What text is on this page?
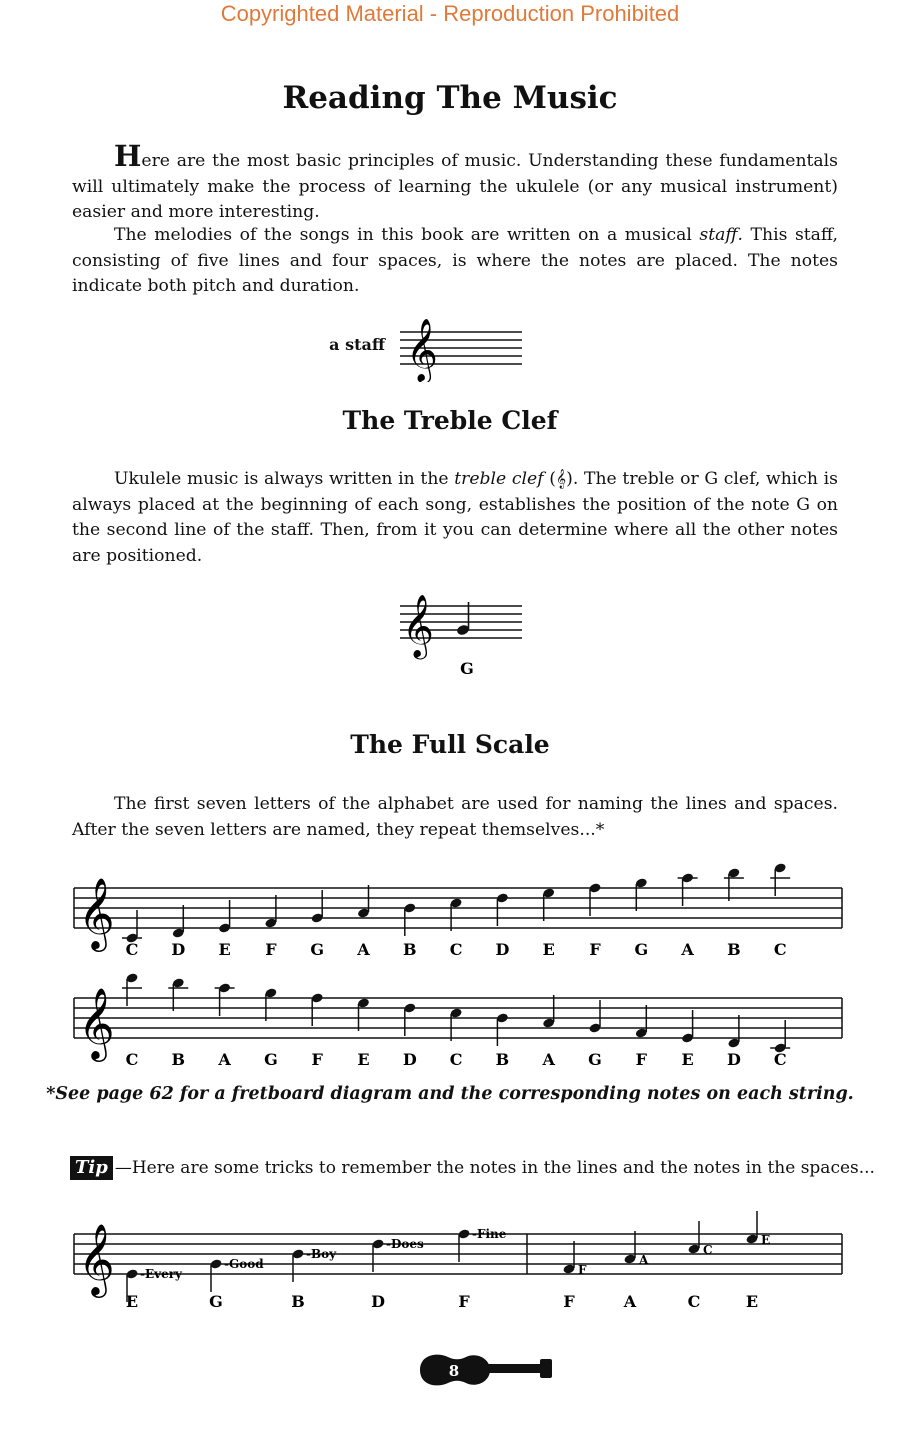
Copyrighted Material - Reproduction Prohibited
Reading The Music
Here are the most basic principles of music. Understanding these fundamentals will ultimately make the process of learning the ukulele (or any musical instrument) easier and more interesting.
The melodies of the songs in this book are written on a musical staff. This staff, consisting of five lines and four spaces, is where the notes are placed. The notes indicate both pitch and duration.
a staff 𝄞
The Treble Clef
Ukulele music is always written in the treble clef (𝄞). The treble or G clef, which is always placed at the beginning of each song, establishes the position of the note G on the second line of the staff. Then, from it you can determine where all the other notes are positioned.
𝄞
G
The Full Scale
The first seven letters of the alphabet are used for naming the lines and spaces. After the seven letters are named, they repeat themselves...*
𝄞
C D E F G A B C D E F G A B C
𝄞
C B A G F E D C B A G F E D C
*See page 62 for a fretboard diagram and the corresponding notes on each string.
Tip —Here are some tricks to remember the notes in the lines and the notes in the spaces...
𝄞 -Every
E
-Good
G
-Boy
B
-Does
D
-Fine
F
F
F
A
A
C
C
E
E
8
